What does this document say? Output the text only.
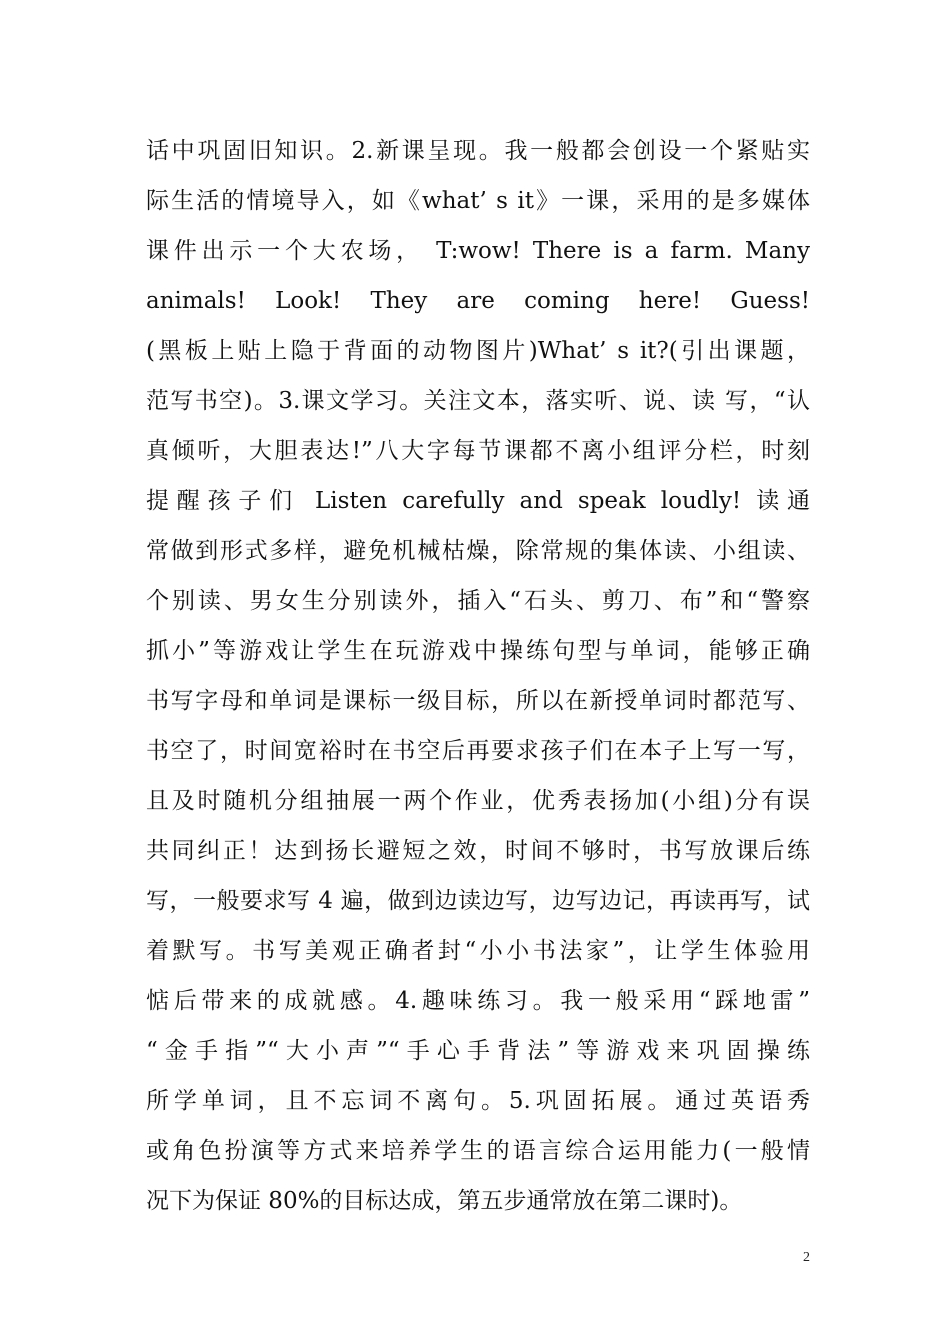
话中巩固旧知识。2.新课呈现。我一般都会创设一个紧贴实
际生活的情境导入，如《what’ s it》一课，采用的是多媒体
课件出示一个大农场， T:wow! There is a farm. Many
animals! Look! They are coming here! Guess!
(黑板上贴上隐于背面的动物图片)What’ s it?(引出课题，
范写书空)。3.课文学习。关注文本，落实听、说、读 写，“认
真倾听，大胆表达!”八大字每节课都不离小组评分栏，时刻
提醒孩子们 Listen carefully and speak loudly! 读通
常做到形式多样，避免机械枯燥，除常规的集体读、小组读、
个别读、男女生分别读外，插入“石头、剪刀、布”和“警察
抓小”等游戏让学生在玩游戏中操练句型与单词，能够正确
书写字母和单词是课标一级目标，所以在新授单词时都范写、
书空了，时间宽裕时在书空后再要求孩子们在本子上写一写，
且及时随机分组抽展一两个作业，优秀表扬加(小组)分有误
共同纠正！达到扬长避短之效，时间不够时，书写放课后练
写，一般要求写 4 遍，做到边读边写，边写边记，再读再写，试
着默写。书写美观正确者封“小小书法家”，让学生体验用
惦后带来的成就感。4.趣味练习。我一般采用“踩地雷”
“金手指”“大小声”“手心手背法”等游戏来巩固操练
所学单词，且不忘词不离句。5.巩固拓展。通过英语秀
或角色扮演等方式来培养学生的语言综合运用能力(一般情
况下为保证 80%的目标达成，第五步通常放在第二课时)。
2
